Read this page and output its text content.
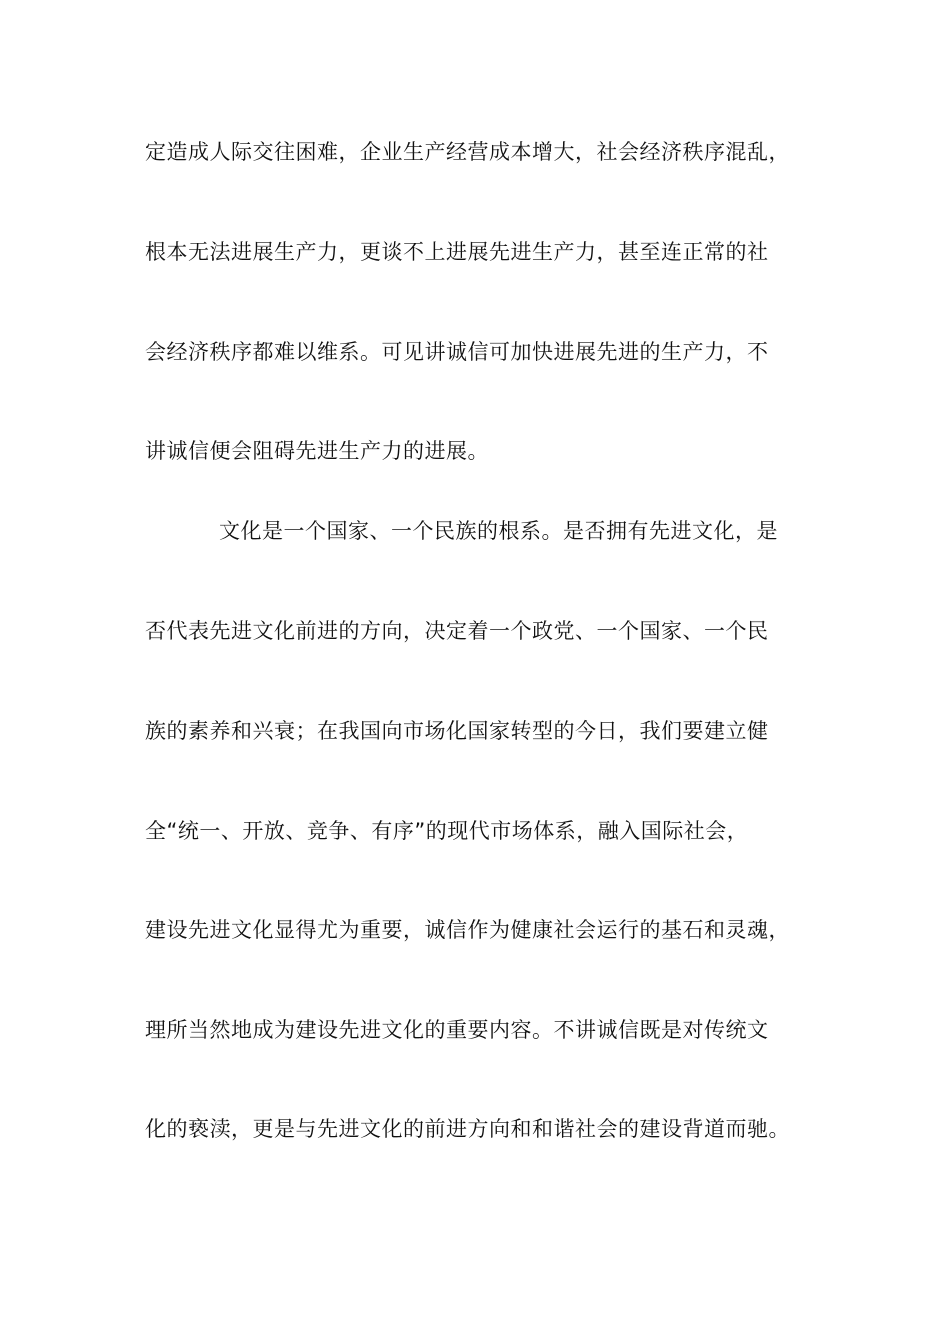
定造成人际交往困难，企业生产经营成本增大，社会经济秩序混乱，
根本无法进展生产力，更谈不上进展先进生产力，甚至连正常的社
会经济秩序都难以维系。可见讲诚信可加快进展先进的生产力，不
讲诚信便会阻碍先进生产力的进展。
文化是一个国家、一个民族的根系。是否拥有先进文化，是
否代表先进文化前进的方向，决定着一个政党、一个国家、一个民
族的素养和兴衰；在我国向市场化国家转型的今日，我们要建立健
全“统一、开放、竞争、有序”的现代市场体系，融入国际社会，
建设先进文化显得尤为重要，诚信作为健康社会运行的基石和灵魂，
理所当然地成为建设先进文化的重要内容。不讲诚信既是对传统文
化的亵渎，更是与先进文化的前进方向和和谐社会的建设背道而驰。
